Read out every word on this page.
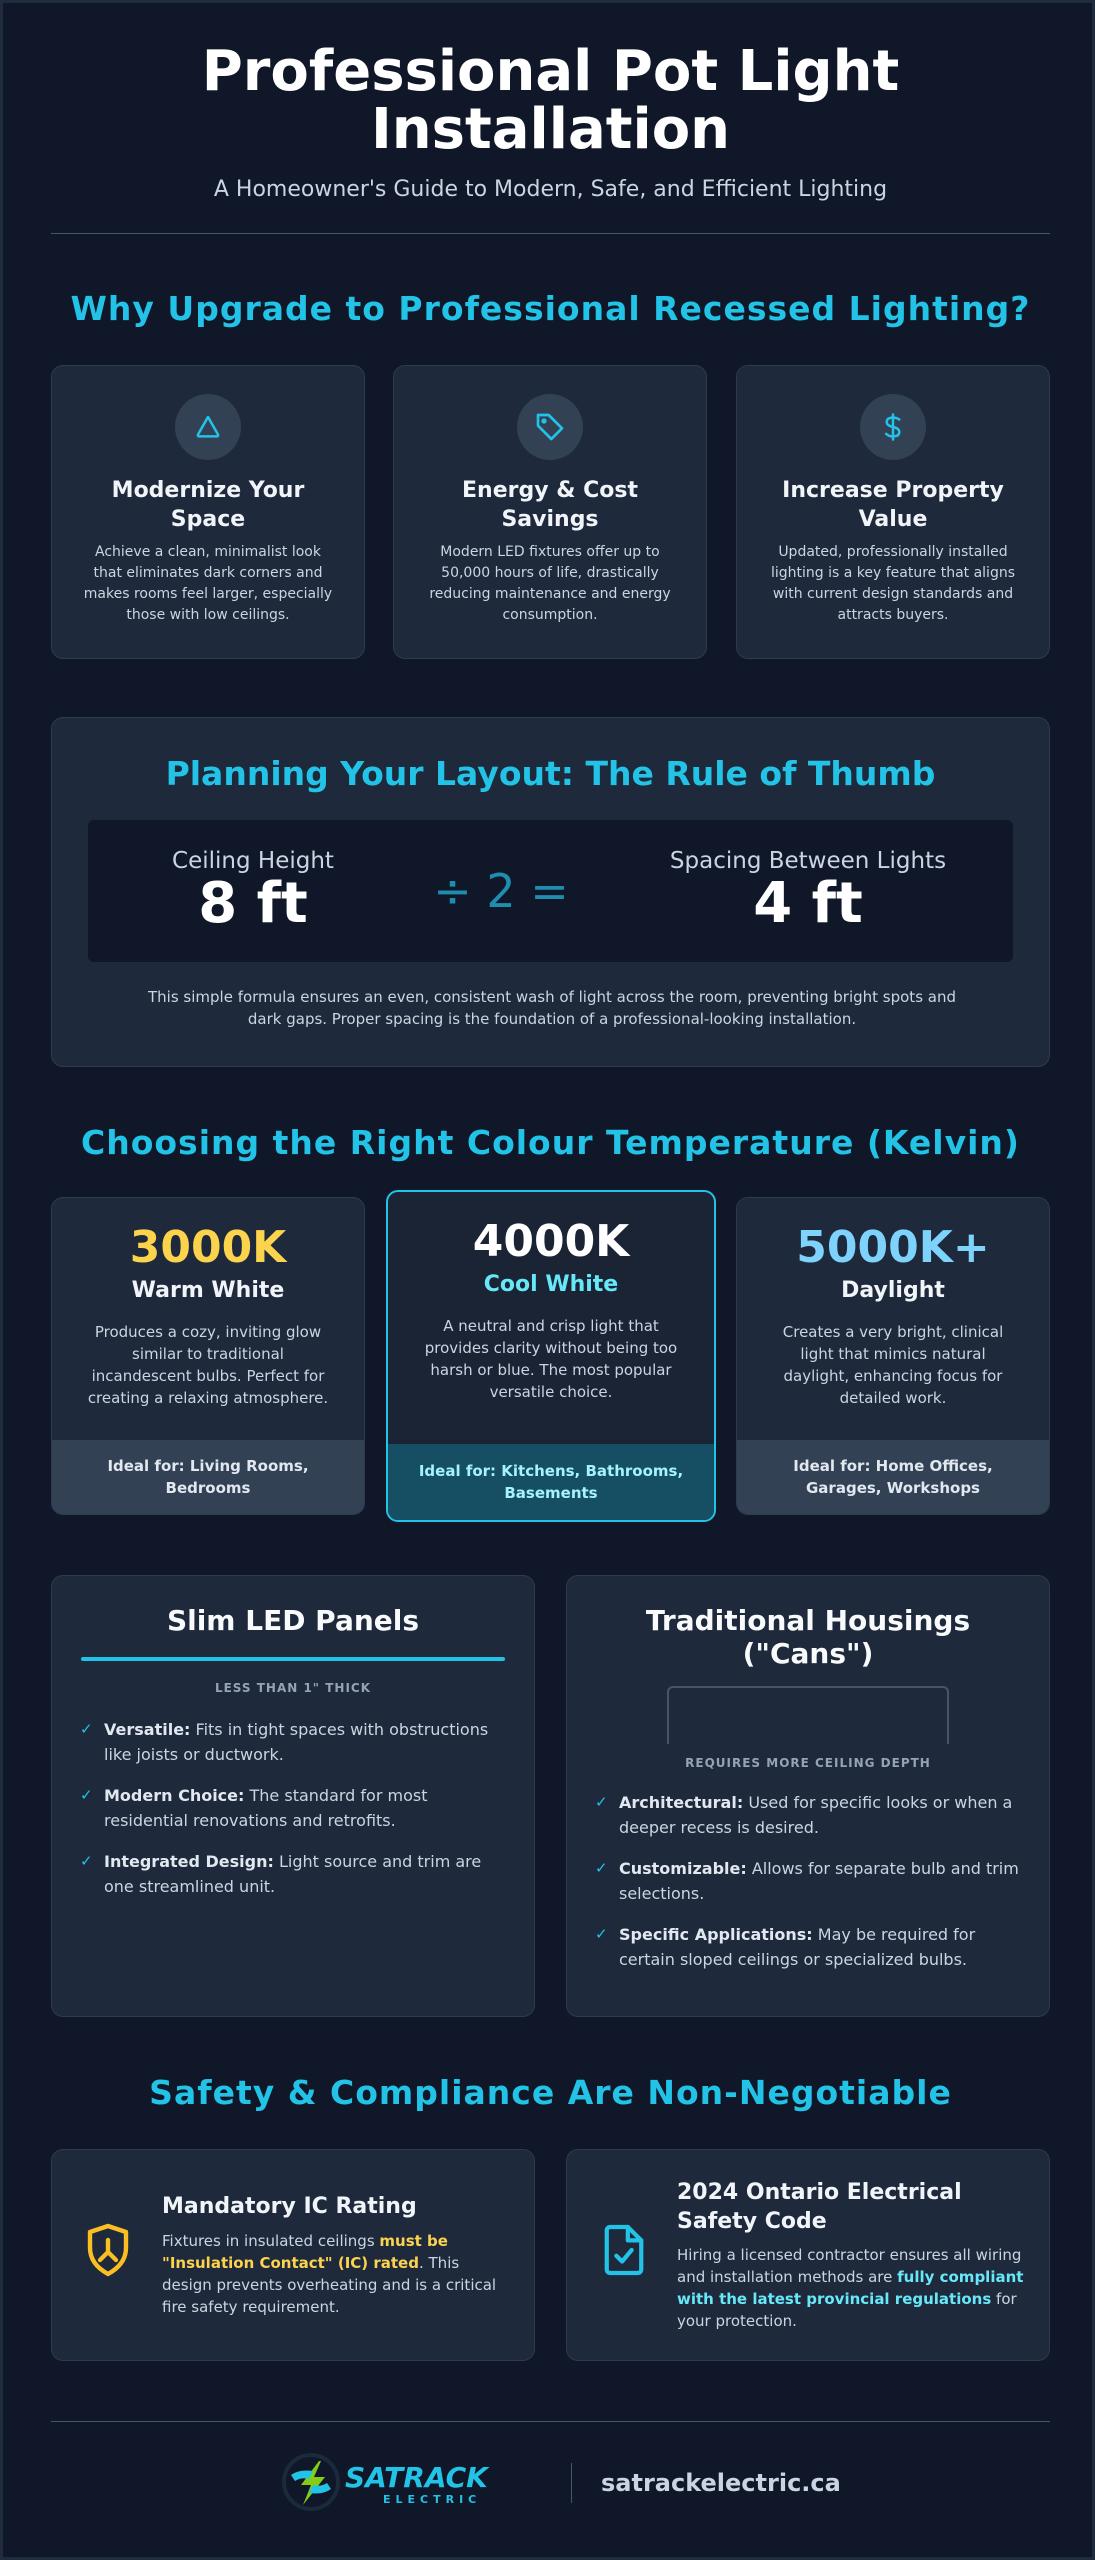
Professional Pot Light
Installation
A Homeowner's Guide to Modern, Safe, and Efficient Lighting
Why Upgrade to Professional Recessed Lighting?
Modernize Your Space
Achieve a clean, minimalist look that eliminates dark corners and makes rooms feel larger, especially those with low ceilings.
Energy & Cost Savings
Modern LED fixtures offer up to 50,000 hours of life, drastically reducing maintenance and energy consumption.
Increase Property Value
Updated, professionally installed lighting is a key feature that aligns with current design standards and attracts buyers.
Planning Your Layout: The Rule of Thumb
Ceiling Height
8 ft	÷ 2 =
Spacing Between Lights
4 ft
This simple formula ensures an even, consistent wash of light across the room, preventing bright spots and dark gaps. Proper spacing is the foundation of a professional-looking installation.
Choosing the Right Colour Temperature (Kelvin)
3000K
Warm White
Produces a cozy, inviting glow similar to traditional incandescent bulbs. Perfect for creating a relaxing atmosphere.
Ideal for: Living Rooms, Bedrooms
4000K
Cool White
A neutral and crisp light that provides clarity without being too harsh or blue. The most popular versatile choice.
Ideal for: Kitchens, Bathrooms, Basements
5000K+
Daylight
Creates a very bright, clinical light that mimics natural daylight, enhancing focus for detailed work.
Ideal for: Home Offices, Garages, Workshops
Slim LED Panels
LESS THAN 1" THICK
✓ Versatile: Fits in tight spaces with obstructions like joists or ductwork.
✓ Modern Choice: The standard for most residential renovations and retrofits.
✓ Integrated Design: Light source and trim are one streamlined unit.
Traditional Housings ("Cans")
REQUIRES MORE CEILING DEPTH
✓ Architectural: Used for specific looks or when a deeper recess is desired.
✓ Customizable: Allows for separate bulb and trim selections.
✓ Specific Applications: May be required for certain sloped ceilings or specialized bulbs.
Safety & Compliance Are Non-Negotiable
Mandatory IC Rating
Fixtures in insulated ceilings must be "Insulation Contact" (IC) rated. This design prevents overheating and is a critical fire safety requirement.
2024 Ontario Electrical Safety Code
Hiring a licensed contractor ensures all wiring and installation methods are fully compliant with the latest provincial regulations for your protection.
SATRACK
ELECTRIC
satrackelectric.ca
